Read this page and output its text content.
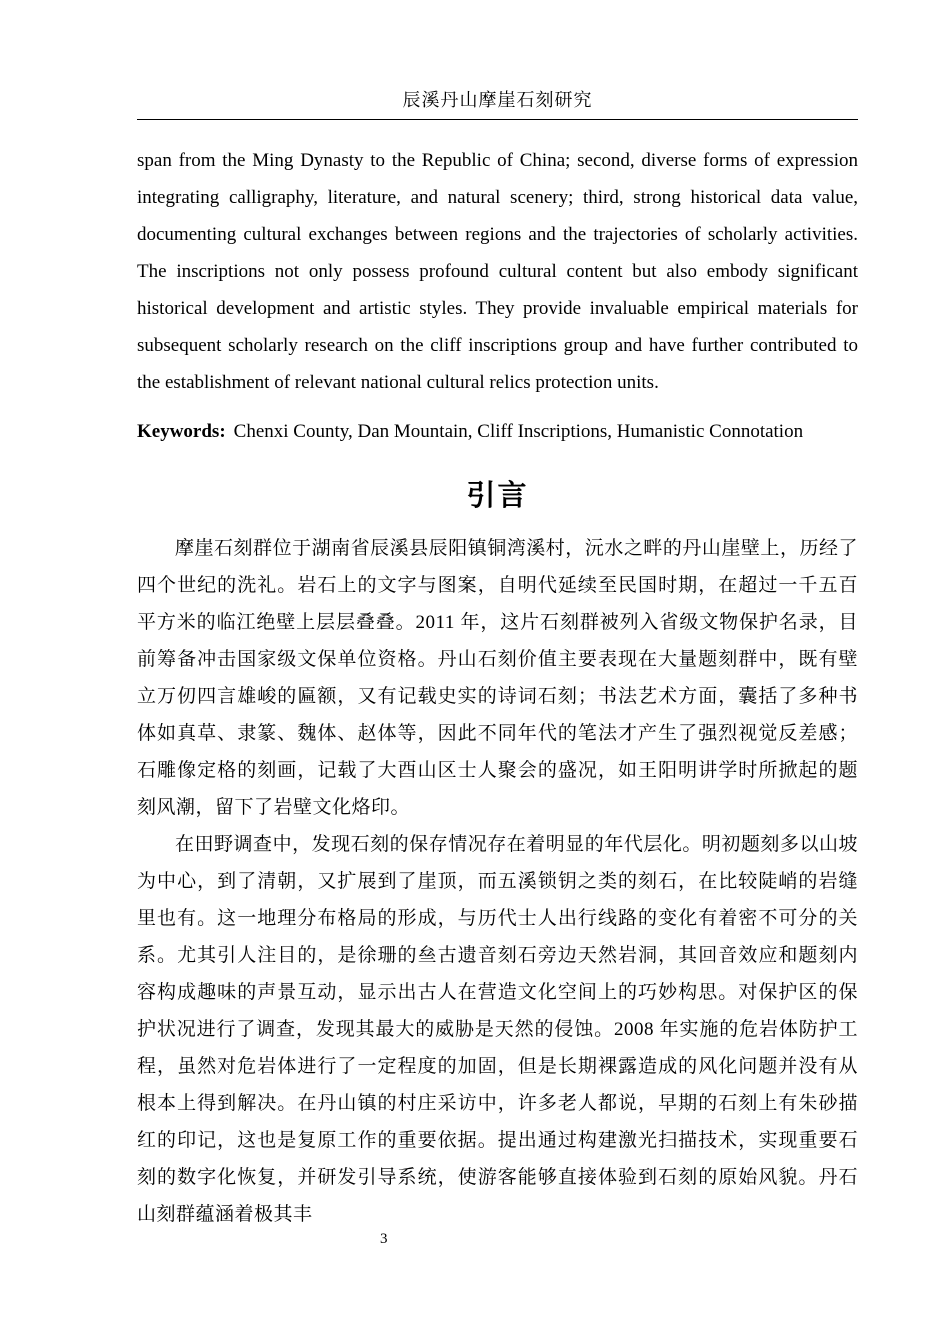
辰溪丹山摩崖石刻研究

span from the Ming Dynasty to the Republic of China; second, diverse forms of expression integrating calligraphy, literature, and natural scenery; third, strong historical data value, documenting cultural exchanges between regions and the trajectories of scholarly activities. The inscriptions not only possess profound cultural content but also embody significant historical development and artistic styles. They provide invaluable empirical materials for subsequent scholarly research on the cliff inscriptions group and have further contributed to the establishment of relevant national cultural relics protection units.

Keywords: Chenxi County, Dan Mountain, Cliff Inscriptions, Humanistic Connotation

引言

摩崖石刻群位于湖南省辰溪县辰阳镇铜湾溪村，沅水之畔的丹山崖壁上，历经了四个世纪的洗礼。岩石上的文字与图案，自明代延续至民国时期，在超过一千五百平方米的临江绝壁上层层叠叠。2011 年，这片石刻群被列入省级文物保护名录，目前筹备冲击国家级文保单位资格。丹山石刻价值主要表现在大量题刻群中，既有壁立万仞四言雄峻的匾额，又有记载史实的诗词石刻；书法艺术方面，囊括了多种书体如真草、隶篆、魏体、赵体等，因此不同年代的笔法才产生了强烈视觉反差感；石雕像定格的刻画，记载了大酉山区士人聚会的盛况，如王阳明讲学时所掀起的题刻风潮，留下了岩壁文化烙印。

在田野调查中，发现石刻的保存情况存在着明显的年代层化。明初题刻多以山坡为中心，到了清朝，又扩展到了崖顶，而五溪锁钥之类的刻石，在比较陡峭的岩缝里也有。这一地理分布格局的形成，与历代士人出行线路的变化有着密不可分的关系。尤其引人注目的，是徐珊的亝古遗音刻石旁边天然岩洞，其回音效应和题刻内容构成趣味的声景互动，显示出古人在营造文化空间上的巧妙构思。对保护区的保护状况进行了调查，发现其最大的威胁是天然的侵蚀。2008 年实施的危岩体防护工程，虽然对危岩体进行了一定程度的加固，但是长期裸露造成的风化问题并没有从根本上得到解决。在丹山镇的村庄采访中，许多老人都说，早期的石刻上有朱砂描红的印记，这也是复原工作的重要依据。提出通过构建激光扫描技术，实现重要石刻的数字化恢复，并研发引导系统，使游客能够直接体验到石刻的原始风貌。丹石山刻群蕴涵着极其丰

3
